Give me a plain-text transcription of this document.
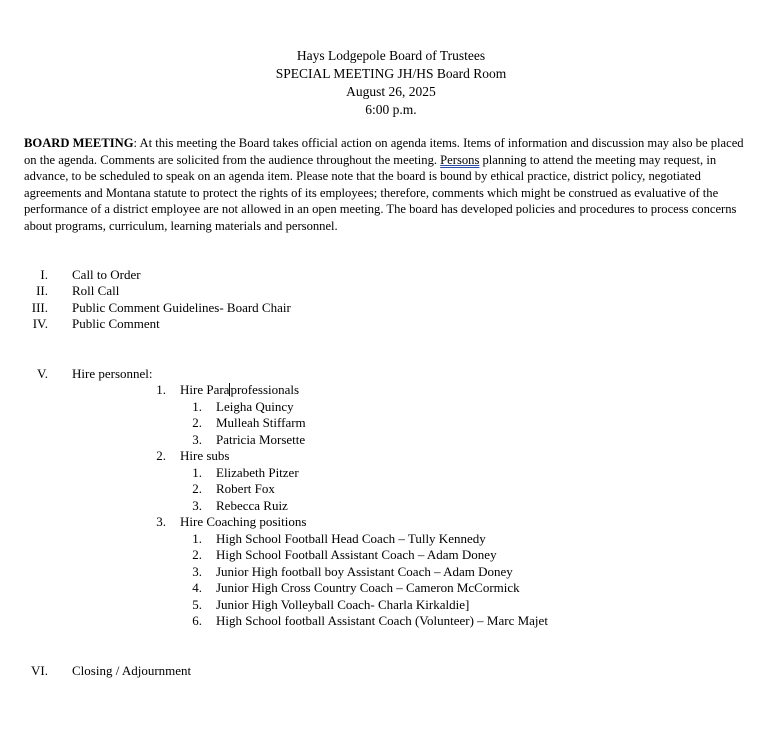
Hays Lodgepole Board of Trustees
SPECIAL MEETING JH/HS Board Room
August 26, 2025
6:00 p.m.
BOARD MEETING: At this meeting the Board takes official action on agenda items. Items of information and discussion may also be placed on the agenda. Comments are solicited from the audience throughout the meeting. Persons planning to attend the meeting may request, in advance, to be scheduled to speak on an agenda item. Please note that the board is bound by ethical practice, district policy, negotiated agreements and Montana statute to protect the rights of its employees; therefore, comments which might be construed as evaluative of the performance of a district employee are not allowed in an open meeting. The board has developed policies and procedures to process concerns about programs, curriculum, learning materials and personnel.
I. Call to Order
II. Roll Call
III. Public Comment Guidelines- Board Chair
IV. Public Comment
V. Hire personnel:
1. Hire Paraprofessionals
1. Leigha Quincy
2. Mulleah Stiffarm
3. Patricia Morsette
2. Hire subs
1. Elizabeth Pitzer
2. Robert Fox
3. Rebecca Ruiz
3. Hire Coaching positions
1. High School Football Head Coach – Tully Kennedy
2. High School Football Assistant Coach – Adam Doney
3. Junior High football boy Assistant Coach – Adam Doney
4. Junior High Cross Country Coach – Cameron McCormick
5. Junior High Volleyball Coach- Charla Kirkaldie]
6. High School football Assistant Coach (Volunteer) – Marc Majet
VI. Closing / Adjournment
